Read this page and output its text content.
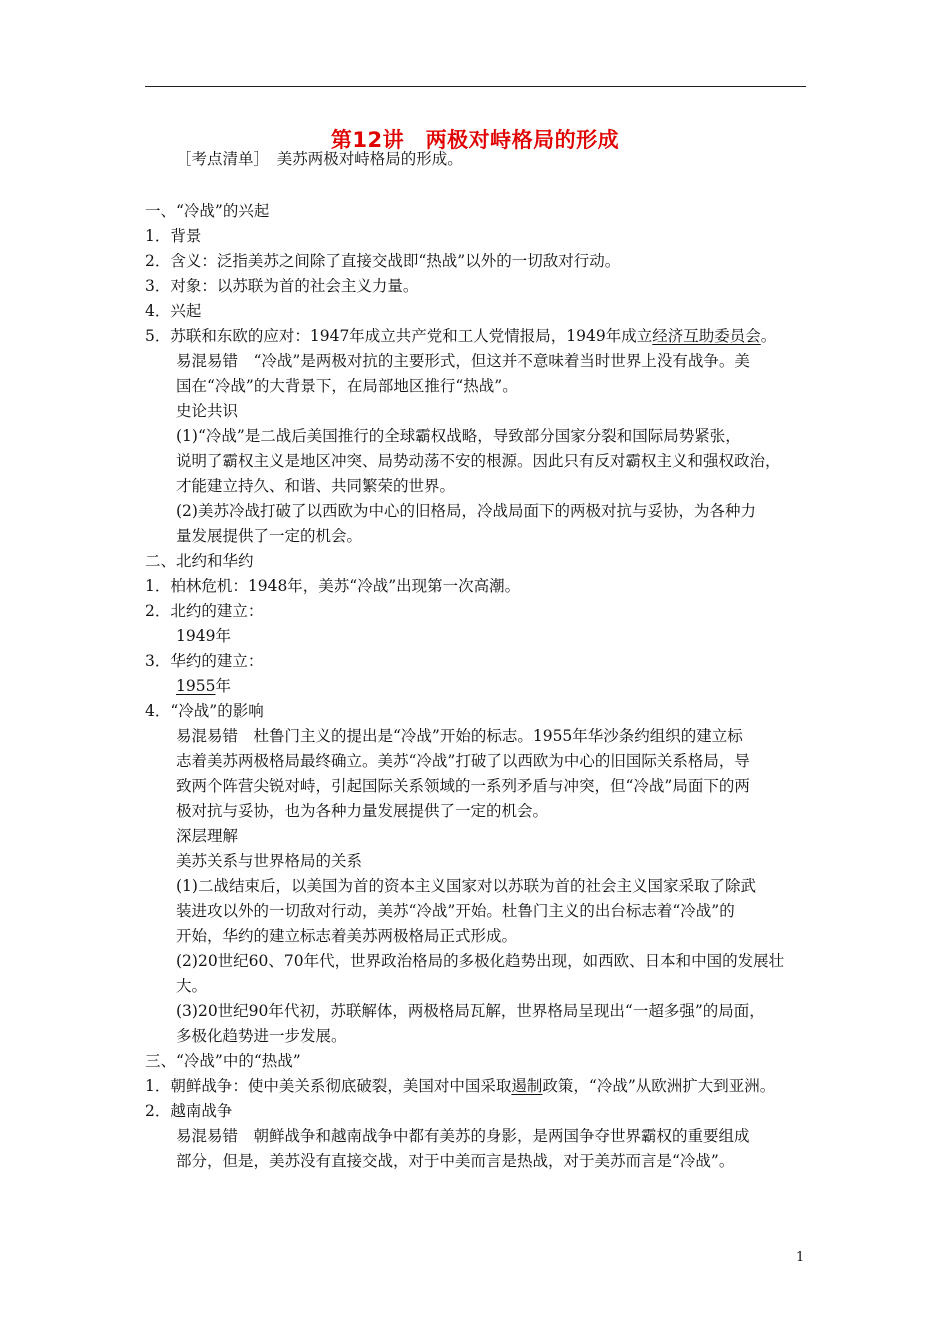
第12讲　两极对峙格局的形成
［考点清单］　美苏两极对峙格局的形成。
一、“冷战”的兴起
1．背景
2．含义：泛指美苏之间除了直接交战即“热战”以外的一切敌对行动。
3．对象：以苏联为首的社会主义力量。
4．兴起
5．苏联和东欧的应对：1947年成立共产党和工人党情报局，1949年成立经济互助委员会。
易混易错　“冷战”是两极对抗的主要形式，但这并不意味着当时世界上没有战争。美
国在“冷战”的大背景下，在局部地区推行“热战”。
史论共识
(1)“冷战”是二战后美国推行的全球霸权战略，导致部分国家分裂和国际局势紧张，
说明了霸权主义是地区冲突、局势动荡不安的根源。因此只有反对霸权主义和强权政治，
才能建立持久、和谐、共同繁荣的世界。
(2)美苏冷战打破了以西欧为中心的旧格局，冷战局面下的两极对抗与妥协，为各种力
量发展提供了一定的机会。
二、北约和华约
1．柏林危机：1948年，美苏“冷战”出现第一次高潮。
2．北约的建立：
1949年
3．华约的建立：
1955年
4．“冷战”的影响
易混易错　杜鲁门主义的提出是“冷战”开始的标志。1955年华沙条约组织的建立标
志着美苏两极格局最终确立。美苏“冷战”打破了以西欧为中心的旧国际关系格局，导
致两个阵营尖锐对峙，引起国际关系领域的一系列矛盾与冲突，但“冷战”局面下的两
极对抗与妥协，也为各种力量发展提供了一定的机会。
深层理解
美苏关系与世界格局的关系
(1)二战结束后，以美国为首的资本主义国家对以苏联为首的社会主义国家采取了除武
装进攻以外的一切敌对行动，美苏“冷战”开始。杜鲁门主义的出台标志着“冷战”的
开始，华约的建立标志着美苏两极格局正式形成。
(2)20世纪60、70年代，世界政治格局的多极化趋势出现，如西欧、日本和中国的发展壮
大。
(3)20世纪90年代初，苏联解体，两极格局瓦解，世界格局呈现出“一超多强”的局面，
多极化趋势进一步发展。
三、“冷战”中的“热战”
1．朝鲜战争：使中美关系彻底破裂，美国对中国采取遏制政策，“冷战”从欧洲扩大到亚洲。
2．越南战争
易混易错　朝鲜战争和越南战争中都有美苏的身影，是两国争夺世界霸权的重要组成
部分，但是，美苏没有直接交战，对于中美而言是热战，对于美苏而言是“冷战”。
1
